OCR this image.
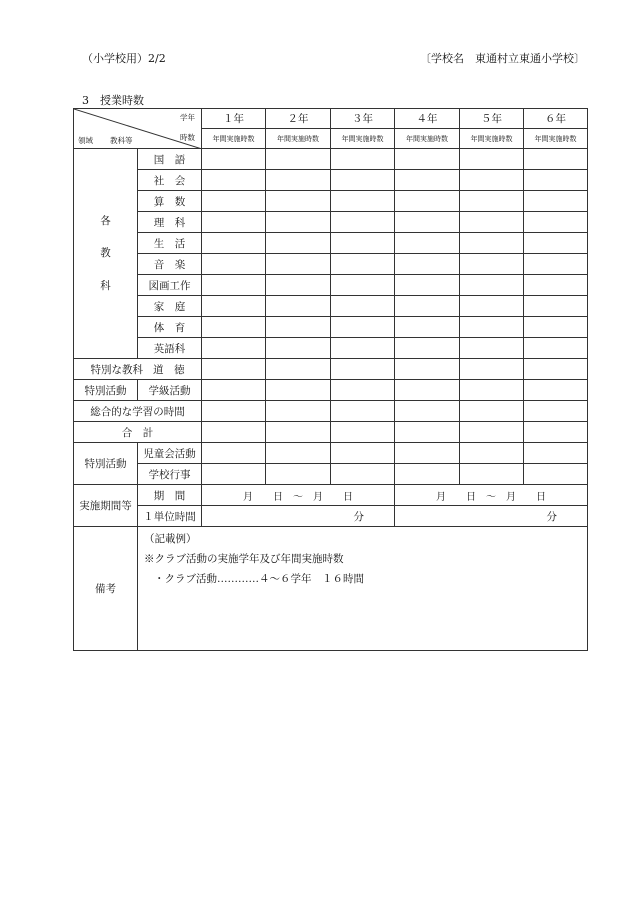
（小学校用）2/2	〔学校名　東通村立東通小学校〕
3　授業時数
学年
時数
領域 教科等		１年	２年	３年	４年	５年	６年
		年間実施時数	年間実施時数	年間実施時数	年間実施時数	年間実施時数	年間実施時数

各
教
科	国　語						
	社　会						
	算　数						
	理　科						
	生　活						
	音　楽						
	図画工作						
	家　庭						
	体　育						
	英語科						
特別な教科 道　徳							
特別活動	学級活動						
総合的な学習の時間							
合　計							
特別活動	児童会活動						
	学校行事						
実施期間等	期　間	月　　日　〜　月　　日			月　　日　〜　月　　日		
	１単位時間	分			分		
備考	（記載例）
※クラブ活動の実施学年及び年間実施時数
・クラブ活動…………４〜６学年　１６時間						
